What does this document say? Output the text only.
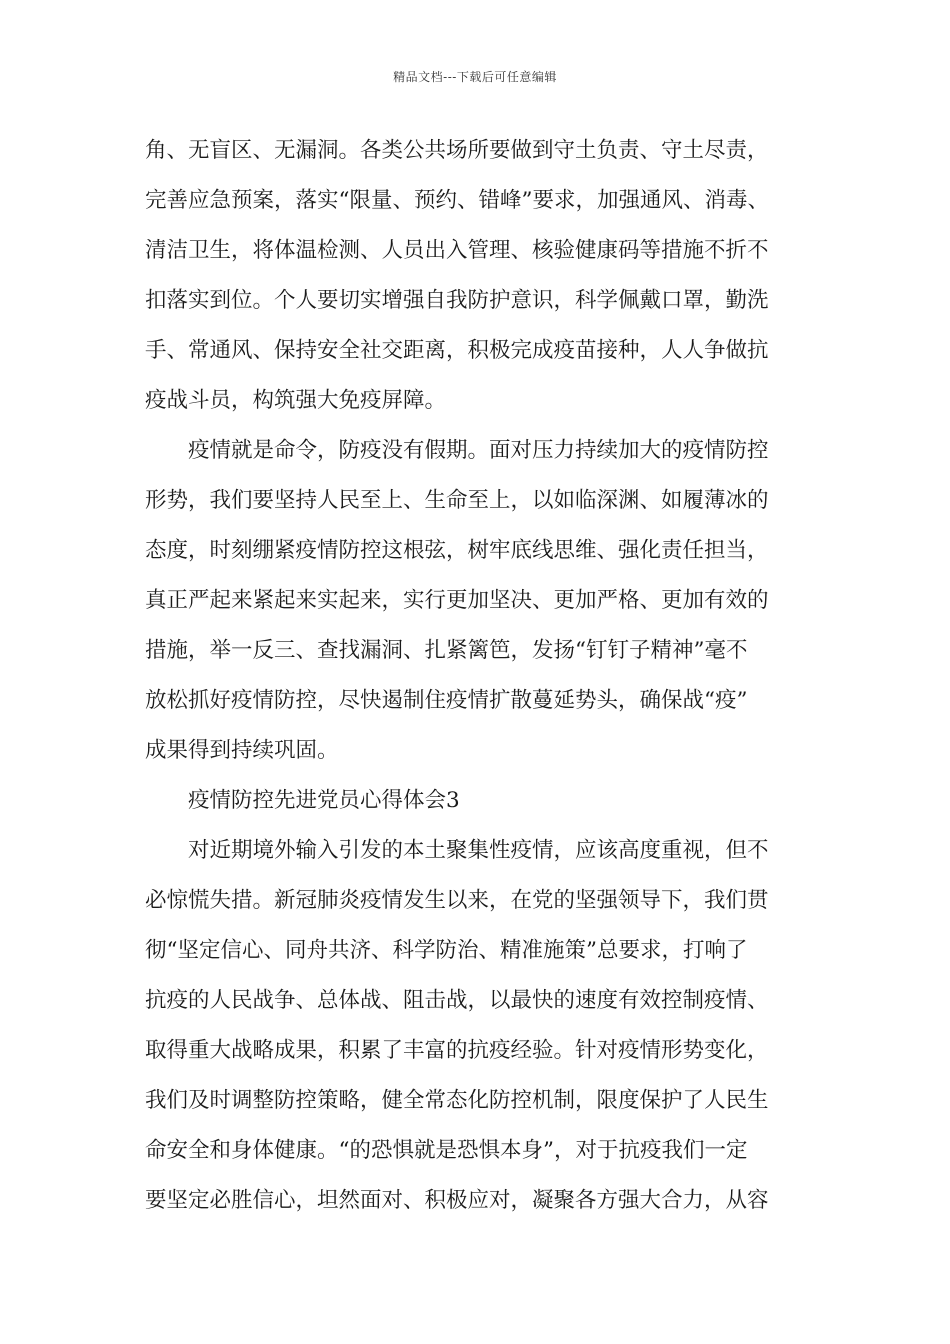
精品文档---下载后可任意编辑
角、无盲区、无漏洞。各类公共场所要做到守土负责、守土尽责，
完善应急预案，落实“限量、预约、错峰”要求，加强通风、消毒、
清洁卫生，将体温检测、人员出入管理、核验健康码等措施不折不
扣落实到位。个人要切实增强自我防护意识，科学佩戴口罩，勤洗
手、常通风、保持安全社交距离，积极完成疫苗接种，人人争做抗
疫战斗员，构筑强大免疫屏障。
疫情就是命令，防疫没有假期。面对压力持续加大的疫情防控
形势，我们要坚持人民至上、生命至上，以如临深渊、如履薄冰的
态度，时刻绷紧疫情防控这根弦，树牢底线思维、强化责任担当，
真正严起来紧起来实起来，实行更加坚决、更加严格、更加有效的
措施，举一反三、查找漏洞、扎紧篱笆，发扬“钉钉子精神”毫不
放松抓好疫情防控，尽快遏制住疫情扩散蔓延势头，确保战“疫”
成果得到持续巩固。
疫情防控先进党员心得体会3
对近期境外输入引发的本土聚集性疫情，应该高度重视，但不
必惊慌失措。新冠肺炎疫情发生以来，在党的坚强领导下，我们贯
彻“坚定信心、同舟共济、科学防治、精准施策”总要求，打响了
抗疫的人民战争、总体战、阻击战，以最快的速度有效控制疫情、
取得重大战略成果，积累了丰富的抗疫经验。针对疫情形势变化，
我们及时调整防控策略，健全常态化防控机制，限度保护了人民生
命安全和身体健康。“的恐惧就是恐惧本身”，对于抗疫我们一定
要坚定必胜信心，坦然面对、积极应对，凝聚各方强大合力，从容
